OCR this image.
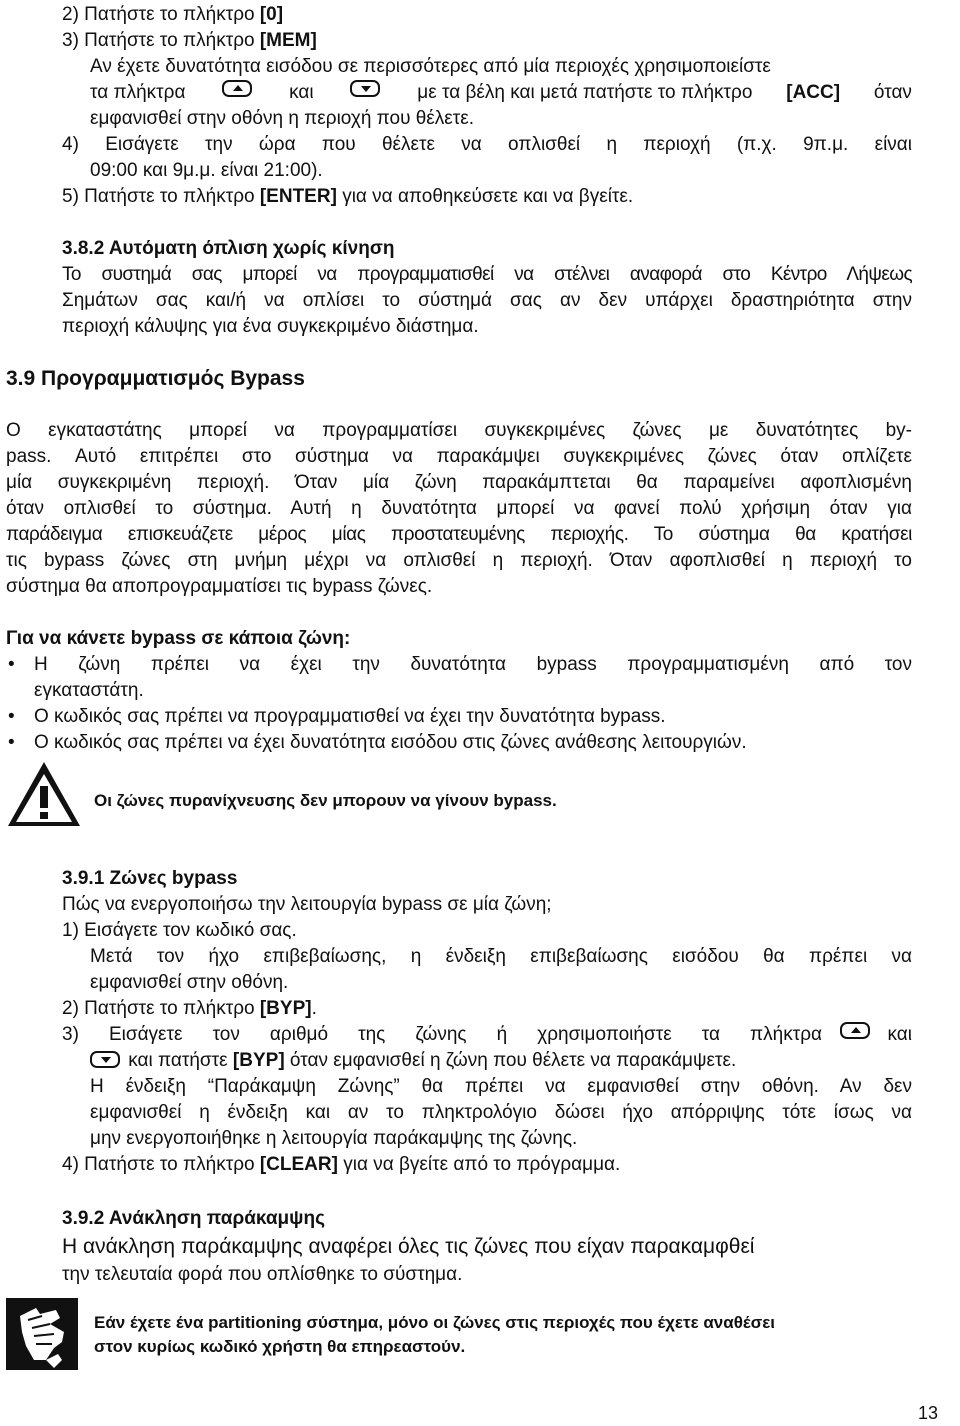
2) Πατήστε το πλήκτρο [0]
3) Πατήστε το πλήκτρο [MEM]
Αν έχετε δυνατότητα εισόδου σε περισσότερες από μία περιοχές χρησιμοποιείστε
τα πλήκτρα	και	με τα βέλη και μετά πατήστε το πλήκτρο [ACC] όταν
εμφανισθεί στην οθόνη η περιοχή που θέλετε.
4) Εισάγετε την ώρα που θέλετε να οπλισθεί η περιοχή (π.χ. 9π.μ. είναι
09:00 και 9μ.μ. είναι 21:00).
5) Πατήστε το πλήκτρο [ENTER] για να αποθηκεύσετε και να βγείτε.
3.8.2 Αυτόματη όπλιση χωρίς κίνηση
Το συστημά σας μπορεί να προγραμματισθεί να στέλνει αναφορά στο Κέντρο Λήψεως
Σημάτων σας και/ή να οπλίσει το σύστημά σας αν δεν υπάρχει δραστηριότητα στην
περιοχή κάλυψης για ένα συγκεκριμένο διάστημα.
3.9 Προγραμματισμός Bypass
Ο εγκαταστάτης μπορεί να προγραμματίσει συγκεκριμένες ζώνες με δυνατότητες by-
pass. Αυτό επιτρέπει στο σύστημα να παρακάμψει συγκεκριμένες ζώνες όταν οπλίζετε
μία συγκεκριμένη περιοχή. Όταν μία ζώνη παρακάμπτεται θα παραμείνει αφοπλισμένη
όταν οπλισθεί το σύστημα. Αυτή η δυνατότητα μπορεί να φανεί πολύ χρήσιμη όταν για
παράδειγμα επισκευάζετε μέρος μίας προστατευμένης περιοχής. Το σύστημα θα κρατήσει
τις bypass ζώνες στη μνήμη μέχρι να οπλισθεί η περιοχή. Όταν αφοπλισθεί η περιοχή το
σύστημα θα αποπρογραμματίσει τις bypass ζώνες.
Για να κάνετε bypass σε κάποια ζώνη:
• Η ζώνη πρέπει να έχει την δυνατότητα bypass προγραμματισμένη από τον
εγκαταστάτη.
• Ο κωδικός σας πρέπει να προγραμματισθεί να έχει την δυνατότητα bypass.
• Ο κωδικός σας πρέπει να έχει δυνατότητα εισόδου στις ζώνες ανάθεσης λειτουργιών.
Οι ζώνες πυρανίχνευσης δεν μπορουν να γίνουν bypass.
3.9.1 Ζώνες bypass
Πώς να ενεργοποιήσω την λειτουργία bypass σε μία ζώνη;
1) Εισάγετε τον κωδικό σας.
Μετά τον ήχο επιβεβαίωσης, η ένδειξη επιβεβαίωσης εισόδου θα πρέπει να
εμφανισθεί στην οθόνη.
2) Πατήστε το πλήκτρο [BYP].
3) Εισάγετε τον αριθμό της ζώνης ή χρησιμοποιήστε τα πλήκτρα	και
και πατήστε [BYP] όταν εμφανισθεί η ζώνη που θέλετε να παρακάμψετε.
Η ένδειξη “Παράκαμψη Ζώνης” θα πρέπει να εμφανισθεί στην οθόνη. Αν δεν
εμφανισθεί η ένδειξη και αν το πληκτρολόγιο δώσει ήχο απόρριψης τότε ίσως να
μην ενεργοποιήθηκε η λειτουργία παράκαμψης της ζώνης.
4) Πατήστε το πλήκτρο [CLEAR] για να βγείτε από το πρόγραμμα.
3.9.2 Ανάκληση παράκαμψης
Η ανάκληση παράκαμψης αναφέρει όλες τις ζώνες που είχαν παρακαμφθεί
την τελευταία φορά που οπλίσθηκε το σύστημα.
Εάν έχετε ένα partitioning σύστημα, μόνο οι ζώνες στις περιοχές που έχετε αναθέσει
στον κυρίως κωδικό χρήστη θα επηρεαστούν.
13
